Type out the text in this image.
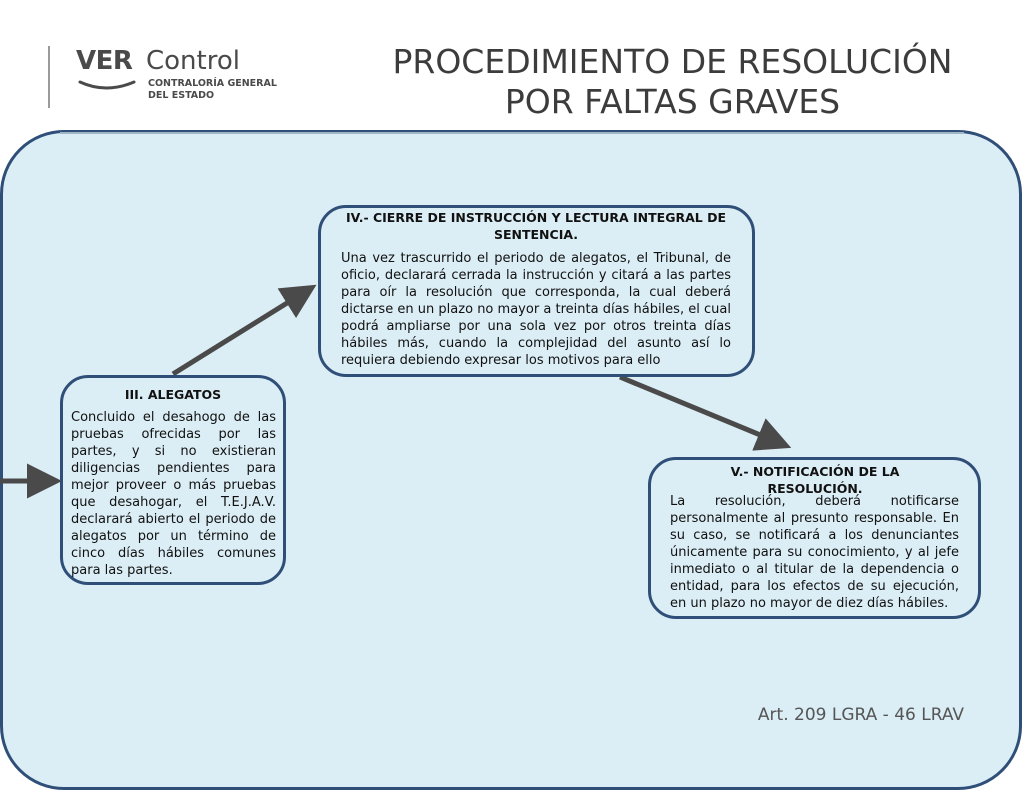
VER Control
CONTRALORÍA GENERAL
DEL ESTADO
PROCEDIMIENTO DE RESOLUCIÓN
POR FALTAS GRAVES
III. ALEGATOS
Concluido el desahogo de las pruebas ofrecidas por las partes, y si no existieran diligencias pendientes para mejor proveer o más pruebas que desahogar, el T.E.J.A.V. declarará abierto el periodo de alegatos por un término de cinco días hábiles comunes para las partes.
IV.- CIERRE DE INSTRUCCIÓN Y LECTURA INTEGRAL DE SENTENCIA.
Una vez trascurrido el periodo de alegatos, el Tribunal, de oficio, declarará cerrada la instrucción y citará a las partes para oír la resolución que corresponda, la cual deberá dictarse en un plazo no mayor a treinta días hábiles, el cual podrá ampliarse por una sola vez por otros treinta días hábiles más, cuando la complejidad del asunto así lo requiera debiendo expresar los motivos para ello
V.- NOTIFICACIÓN DE LA RESOLUCIÓN.
La resolución, deberá notificarse personalmente al presunto responsable. En su caso, se notificará a los denunciantes únicamente para su conocimiento, y al jefe inmediato o al titular de la dependencia o entidad, para los efectos de su ejecución, en un plazo no mayor de diez días hábiles.
Art. 209 LGRA - 46 LRAV
